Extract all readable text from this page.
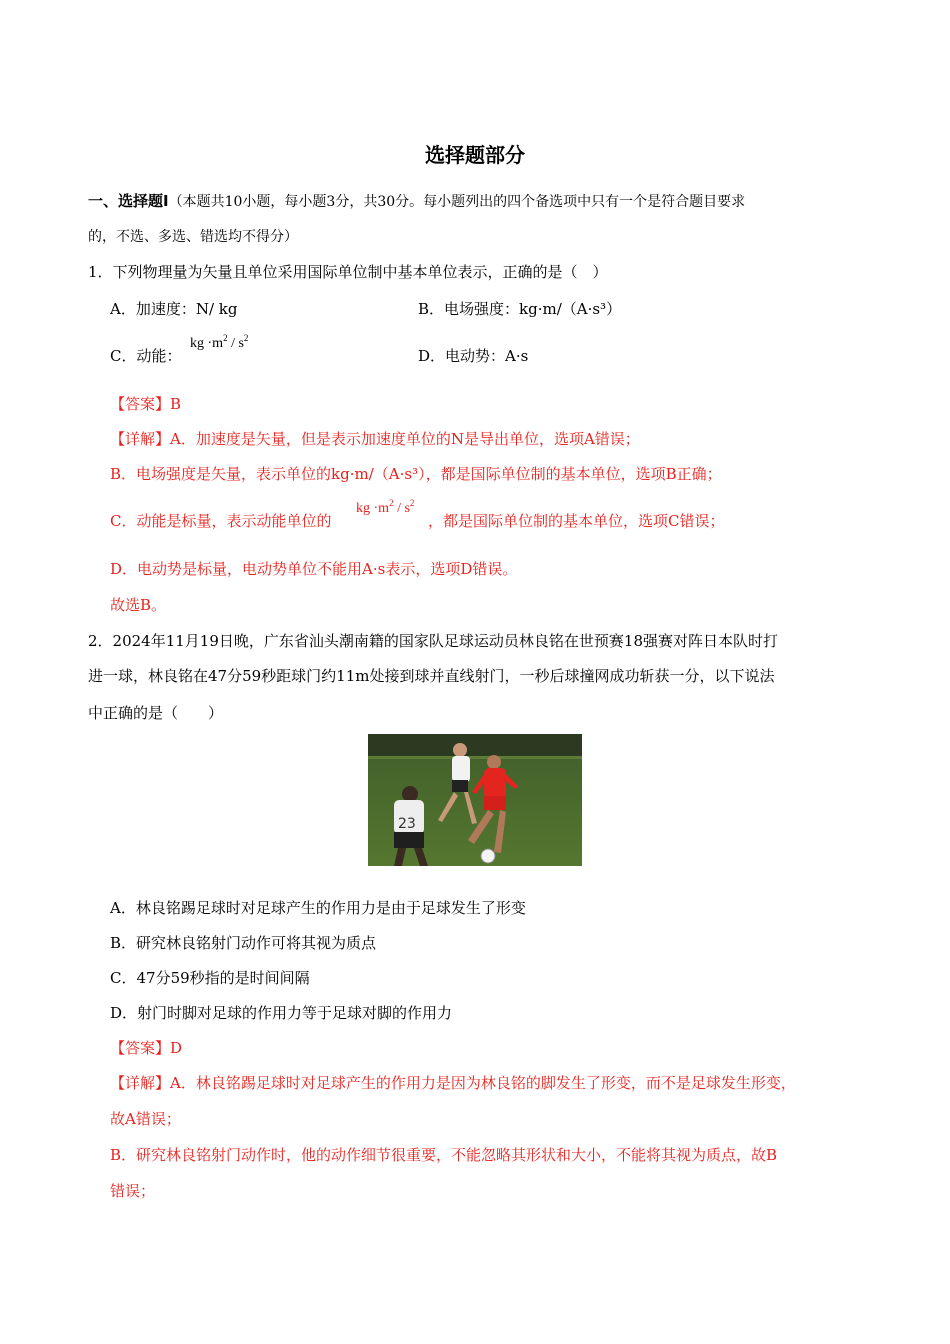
选择题部分
一、选择题Ⅰ（本题共10小题，每小题3分，共30分。每小题列出的四个备选项中只有一个是符合题目要求
的，不选、多选、错选均不得分）
1．下列物理量为矢量且单位采用国际单位制中基本单位表示，正确的是（　）
A．加速度：N/ kg	B．电场强度：kg·m/（A·s³）
C．动能：
kg $\cdot m^2 / s^2$
D．电动势：A·s
【答案】B
【详解】A．加速度是矢量，但是表示加速度单位的N是导出单位，选项A错误；
B．电场强度是矢量，表示单位的kg·m/（A·s³），都是国际单位制的基本单位，选项B正确；
C．动能是标量，表示动能单位的
kg $\cdot m^2 / s^2$
，都是国际单位制的基本单位，选项C错误；
D．电动势是标量，电动势单位不能用A·s表示，选项D错误。
故选B。
2．2024年11月19日晚，广东省汕头潮南籍的国家队足球运动员林良铭在世预赛18强赛对阵日本队时打
进一球，林良铭在47分59秒距球门约11m处接到球并直线射门，一秒后球撞网成功斩获一分，以下说法
中正确的是（　　）
23
A．林良铭踢足球时对足球产生的作用力是由于足球发生了形变
B．研究林良铭射门动作可将其视为质点
C．47分59秒指的是时间间隔
D．射门时脚对足球的作用力等于足球对脚的作用力
【答案】D
【详解】A．林良铭踢足球时对足球产生的作用力是因为林良铭的脚发生了形变，而不是足球发生形变，
故A错误；
B．研究林良铭射门动作时，他的动作细节很重要，不能忽略其形状和大小，不能将其视为质点，故B
错误；
